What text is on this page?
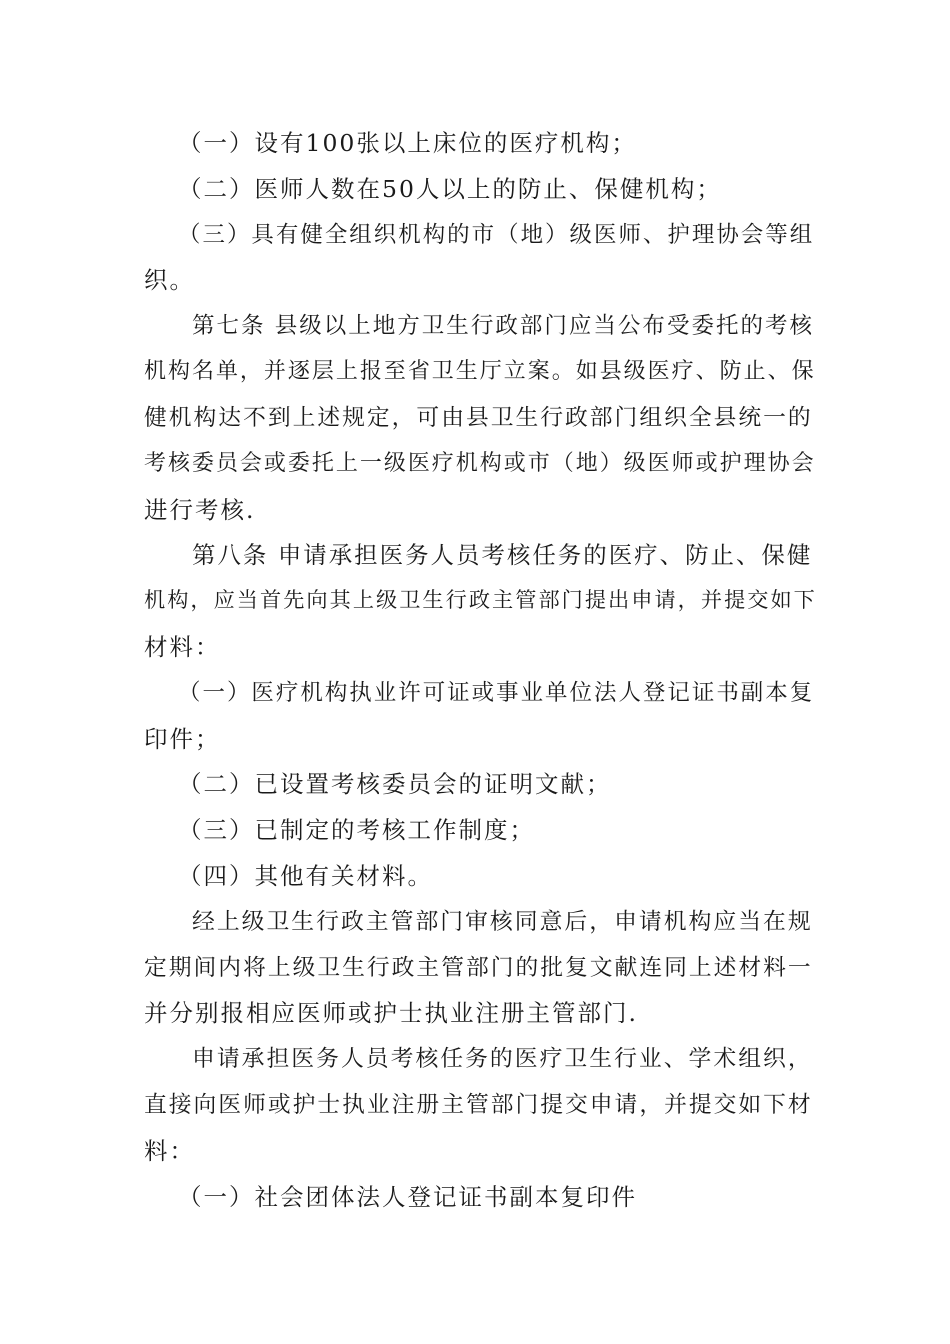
（一）设有100张以上床位的医疗机构；
（二）医师人数在50人以上的防止、保健机构；
（三）具有健全组织机构的市（地）级医师、护理协会等组
织。
第七条 县级以上地方卫生行政部门应当公布受委托的考核
机构名单，并逐层上报至省卫生厅立案。如县级医疗、防止、保
健机构达不到上述规定，可由县卫生行政部门组织全县统一的
考核委员会或委托上一级医疗机构或市（地）级医师或护理协会
进行考核.
第八条 申请承担医务人员考核任务的医疗、防止、保健
机构，应当首先向其上级卫生行政主管部门提出申请，并提交如下
材料：
（一）医疗机构执业许可证或事业单位法人登记证书副本复
印件；
（二）已设置考核委员会的证明文献；
（三）已制定的考核工作制度；
（四）其他有关材料。
经上级卫生行政主管部门审核同意后，申请机构应当在规
定期间内将上级卫生行政主管部门的批复文献连同上述材料一
并分别报相应医师或护士执业注册主管部门.
申请承担医务人员考核任务的医疗卫生行业、学术组织，
直接向医师或护士执业注册主管部门提交申请，并提交如下材
料：
（一）社会团体法人登记证书副本复印件
